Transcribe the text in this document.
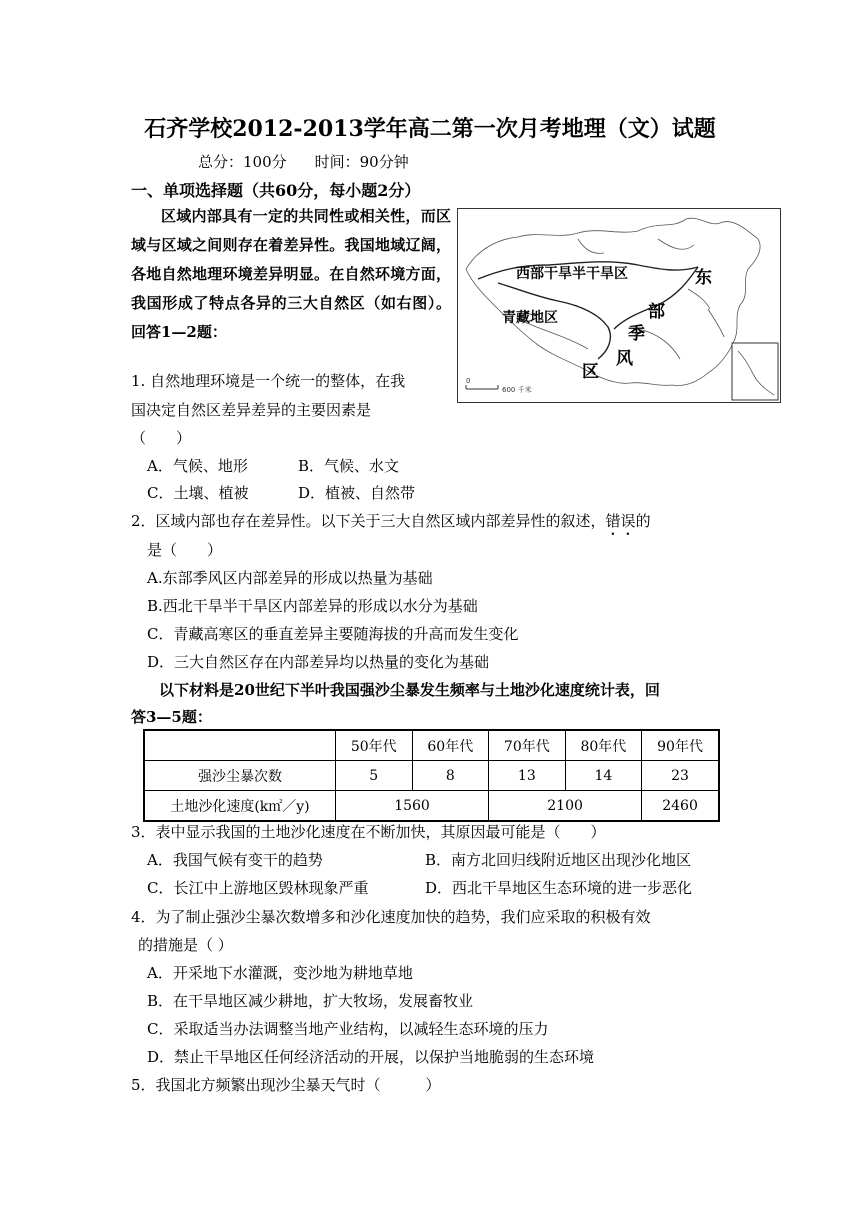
石齐学校2012-2013学年高二第一次月考地理（文）试题
总分：100分 时间：90分钟
一、单项选择题（共60分，每小题2分）
区域内部具有一定的共同性或相关性，而区域与区域之间则存在着差异性。我国地域辽阔，各地自然地理环境差异明显。在自然环境方面，我国形成了特点各异的三大自然区（如右图）。回答1—2题：
0
600 千米
西部干旱半干旱区
青藏地区
东
部
季
风
区
1. 自然地理环境是一个统一的整体，在我
国决定自然区差异差异的主要因素是
（　　）
A．气候、地形	B．气候、水文
C．土壤、植被	D．植被、自然带
2．区域内部也存在差异性。以下关于三大自然区域内部差异性的叙述，错误的
是（　　）
A.东部季风区内部差异的形成以热量为基础
B.西北干旱半干旱区内部差异的形成以水分为基础
C．青藏高寒区的垂直差异主要随海拔的升高而发生变化
D．三大自然区存在内部差异均以热量的变化为基础
以下材料是20世纪下半叶我国强沙尘暴发生频率与土地沙化速度统计表，回
答3—5题：
	50年代	60年代	70年代	80年代	90年代
强沙尘暴次数	5	8	13	14	23
土地沙化速度(k㎡／y)	1560		2100		2460
3．表中显示我国的土地沙化速度在不断加快，其原因最可能是（　　）
A．我国气候有变干的趋势	B．南方北回归线附近地区出现沙化地区
C．长江中上游地区毁林现象严重	D．西北干旱地区生态环境的进一步恶化
4．为了制止强沙尘暴次数增多和沙化速度加快的趋势，我们应采取的积极有效
的措施是（ ）
A．开采地下水灌溉，变沙地为耕地草地
B．在干旱地区减少耕地，扩大牧场，发展畜牧业
C．采取适当办法调整当地产业结构，以减轻生态环境的压力
D．禁止干旱地区任何经济活动的开展，以保护当地脆弱的生态环境
5．我国北方频繁出现沙尘暴天气时（　　　）
